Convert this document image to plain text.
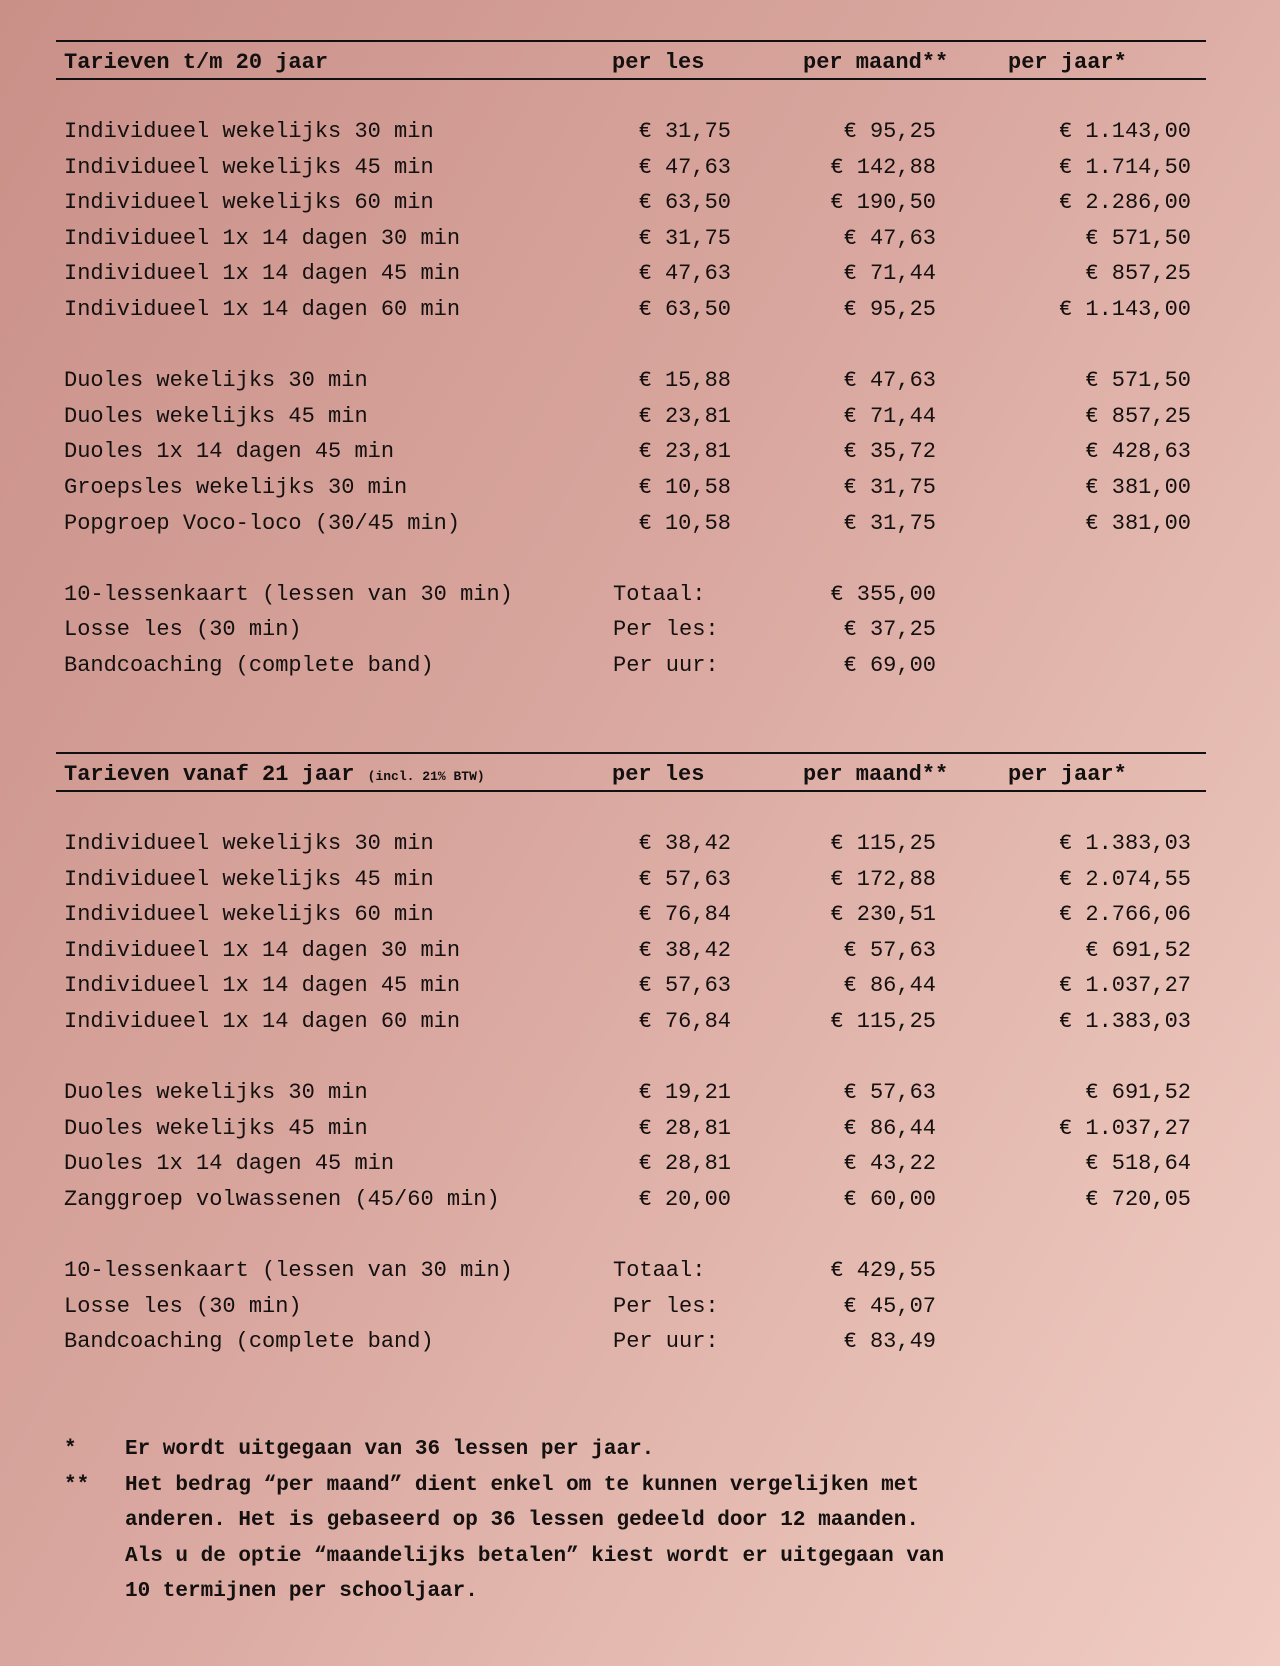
Tarieven t/m 20 jaar	per les	per maand**	per jaar*
Individueel wekelijks 30 min	€ 31,75	€ 95,25	€ 1.143,00
Individueel wekelijks 45 min	€ 47,63	€ 142,88	€ 1.714,50
Individueel wekelijks 60 min	€ 63,50	€ 190,50	€ 2.286,00
Individueel 1x 14 dagen 30 min	€ 31,75	€ 47,63	€ 571,50
Individueel 1x 14 dagen 45 min	€ 47,63	€ 71,44	€ 857,25
Individueel 1x 14 dagen 60 min	€ 63,50	€ 95,25	€ 1.143,00
Duoles wekelijks 30 min	€ 15,88	€ 47,63	€ 571,50
Duoles wekelijks 45 min	€ 23,81	€ 71,44	€ 857,25
Duoles 1x 14 dagen 45 min	€ 23,81	€ 35,72	€ 428,63
Groepsles wekelijks 30 min	€ 10,58	€ 31,75	€ 381,00
Popgroep Voco-loco (30/45 min)	€ 10,58	€ 31,75	€ 381,00
10-lessenkaart (lessen van 30 min)	Totaal:	€ 355,00
Losse les (30 min)	Per les:	€ 37,25
Bandcoaching (complete band)	Per uur:	€ 69,00
Tarieven vanaf 21 jaar (incl. 21% BTW)	per les	per maand**	per jaar*
Individueel wekelijks 30 min	€ 38,42	€ 115,25	€ 1.383,03
Individueel wekelijks 45 min	€ 57,63	€ 172,88	€ 2.074,55
Individueel wekelijks 60 min	€ 76,84	€ 230,51	€ 2.766,06
Individueel 1x 14 dagen 30 min	€ 38,42	€ 57,63	€ 691,52
Individueel 1x 14 dagen 45 min	€ 57,63	€ 86,44	€ 1.037,27
Individueel 1x 14 dagen 60 min	€ 76,84	€ 115,25	€ 1.383,03
Duoles wekelijks 30 min	€ 19,21	€ 57,63	€ 691,52
Duoles wekelijks 45 min	€ 28,81	€ 86,44	€ 1.037,27
Duoles 1x 14 dagen 45 min	€ 28,81	€ 43,22	€ 518,64
Zanggroep volwassenen (45/60 min)	€ 20,00	€ 60,00	€ 720,05
10-lessenkaart (lessen van 30 min)	Totaal:	€ 429,55
Losse les (30 min)	Per les:	€ 45,07
Bandcoaching (complete band)	Per uur:	€ 83,49
* Er wordt uitgegaan van 36 lessen per jaar.

** Het bedrag “per maand” dient enkel om te kunnen vergelijken met

anderen. Het is gebaseerd op 36 lessen gedeeld door 12 maanden.

Als u de optie “maandelijks betalen” kiest wordt er uitgegaan van

10 termijnen per schooljaar.
